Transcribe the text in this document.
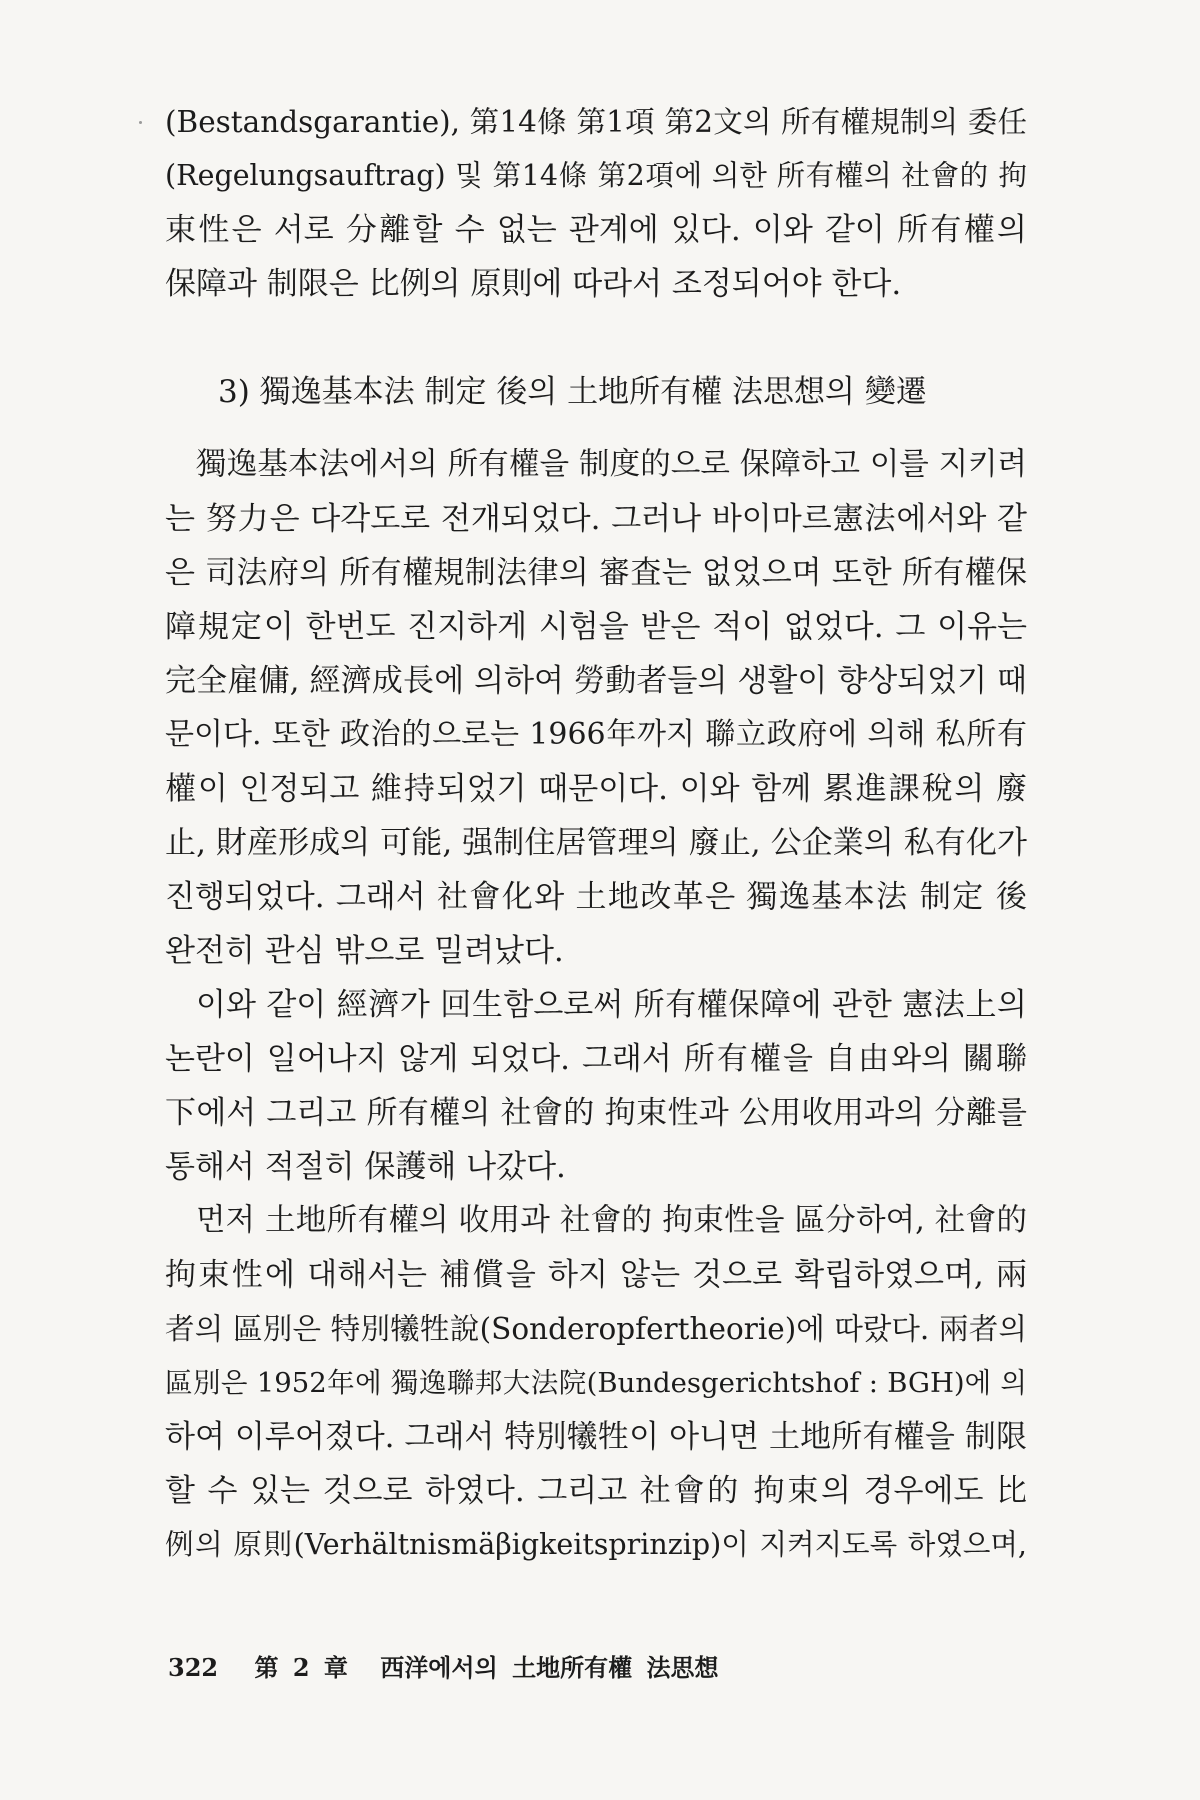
(Bestandsgarantie), 第14條 第1項 第2文의 所有權規制의 委任
(Regelungsauftrag) 및 第14條 第2項에 의한 所有權의 社會的 拘
束性은 서로 分離할 수 없는 관계에 있다. 이와 같이 所有權의
保障과 制限은 比例의 原則에 따라서 조정되어야 한다.
3) 獨逸基本法 制定 後의 土地所有權 法思想의 變遷
獨逸基本法에서의 所有權을 制度的으로 保障하고 이를 지키려
는 努力은 다각도로 전개되었다. 그러나 바이마르憲法에서와 같
은 司法府의 所有權規制法律의 審査는 없었으며 또한 所有權保
障規定이 한번도 진지하게 시험을 받은 적이 없었다. 그 이유는
完全雇傭, 經濟成長에 의하여 勞動者들의 생활이 향상되었기 때
문이다. 또한 政治的으로는 1966年까지 聯立政府에 의해 私所有
權이 인정되고 維持되었기 때문이다. 이와 함께 累進課稅의 廢
止, 財産形成의 可能, 强制住居管理의 廢止, 公企業의 私有化가
진행되었다. 그래서 社會化와 土地改革은 獨逸基本法 制定 後
완전히 관심 밖으로 밀려났다.
이와 같이 經濟가 回生함으로써 所有權保障에 관한 憲法上의
논란이 일어나지 않게 되었다. 그래서 所有權을 自由와의 關聯
下에서 그리고 所有權의 社會的 拘束性과 公用收用과의 分離를
통해서 적절히 保護해 나갔다.
먼저 土地所有權의 收用과 社會的 拘束性을 區分하여, 社會的
拘束性에 대해서는 補償을 하지 않는 것으로 확립하였으며, 兩
者의 區別은 特別犧牲說(Sonderopfertheorie)에 따랐다. 兩者의
區別은 1952年에 獨逸聯邦大法院(Bundesgerichtshof : BGH)에 의
하여 이루어졌다. 그래서 特別犧牲이 아니면 土地所有權을 制限
할 수 있는 것으로 하였다. 그리고 社會的 拘束의 경우에도 比
例의 原則(Verhältnismäβigkeitsprinzip)이 지켜지도록 하였으며,
322 第 2 章 西洋에서의 土地所有權 法思想
